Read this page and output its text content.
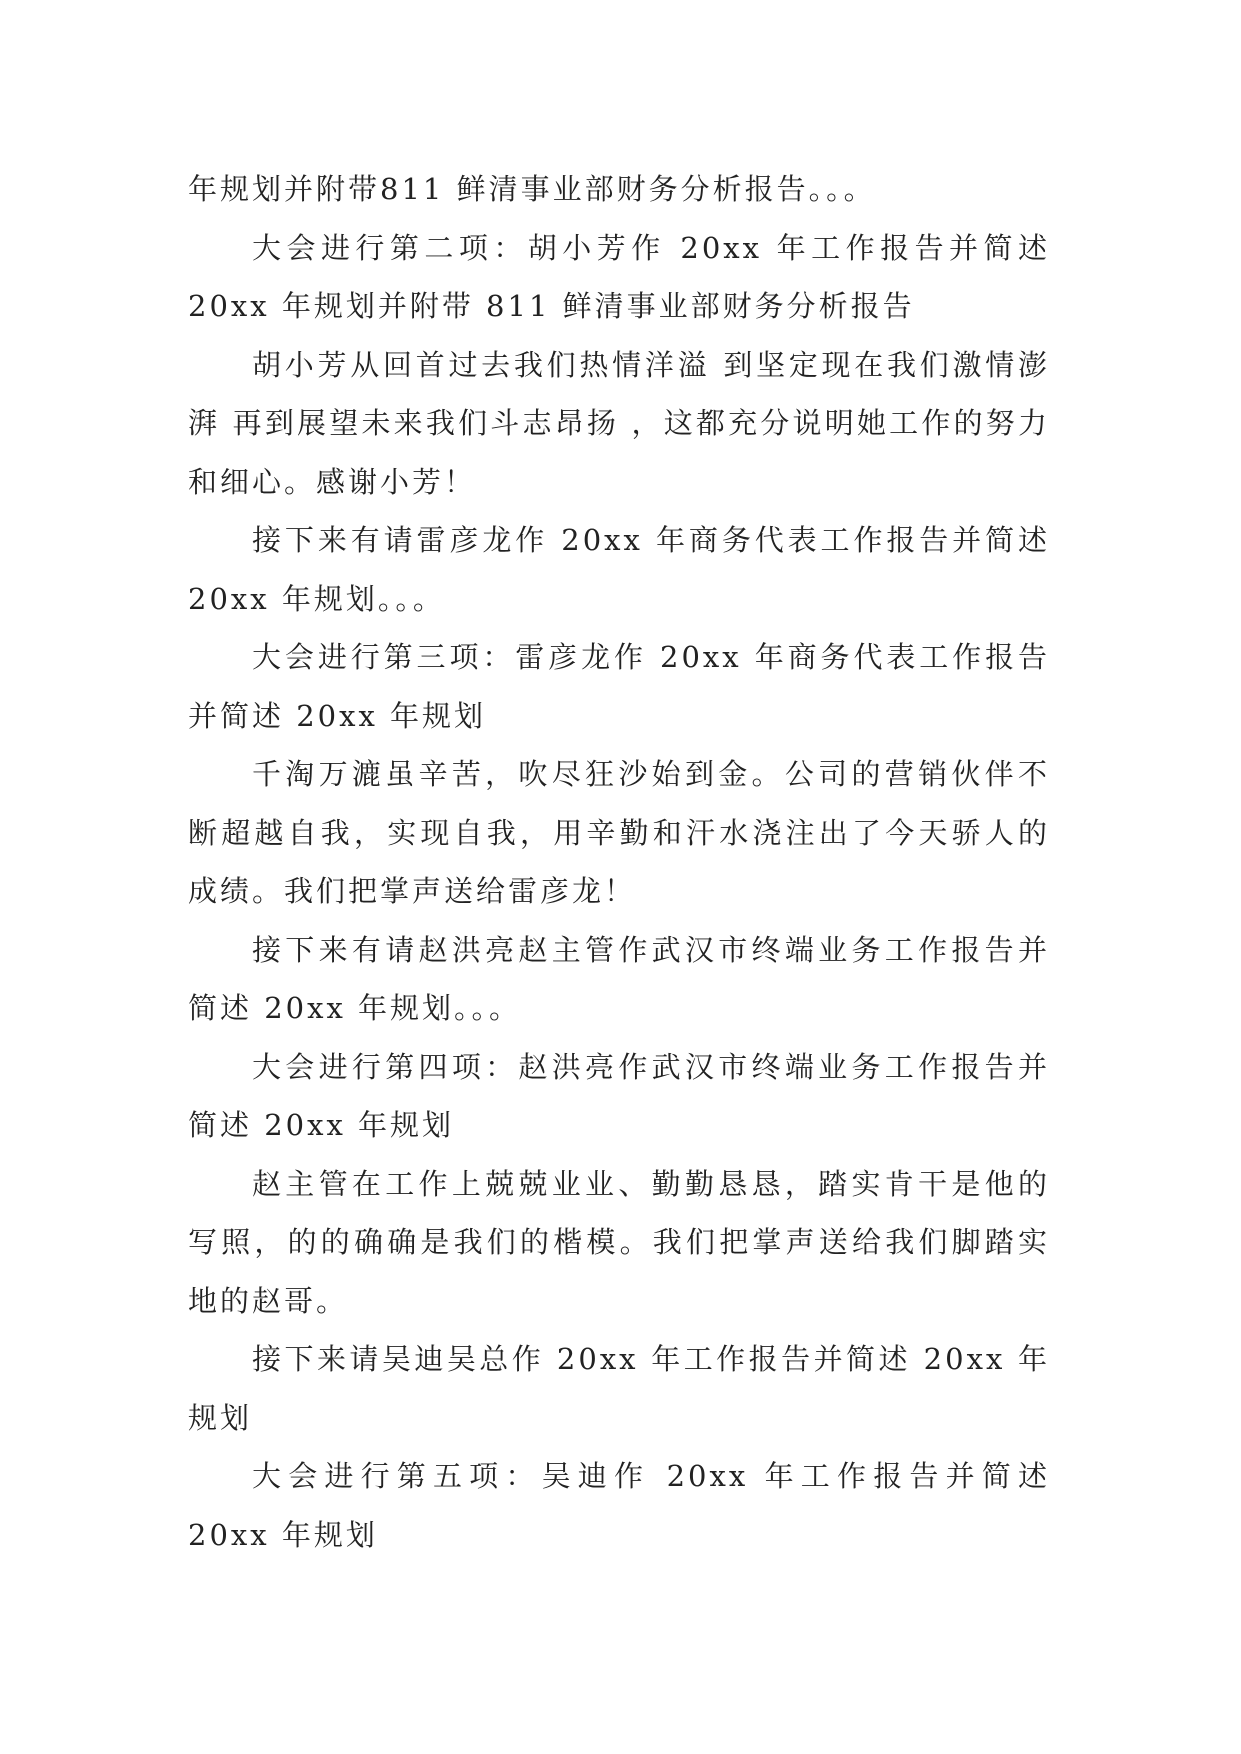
年规划并附带811 鲜清事业部财务分析报告。。。

大会进行第二项：胡小芳作 20xx 年工作报告并简述 20xx 年规划并附带 811 鲜清事业部财务分析报告

胡小芳从回首过去我们热情洋溢 到坚定现在我们激情澎湃 再到展望未来我们斗志昂扬 ，这都充分说明她工作的努力和细心。感谢小芳！

接下来有请雷彦龙作 20xx 年商务代表工作报告并简述 20xx 年规划。。。

大会进行第三项：雷彦龙作 20xx 年商务代表工作报告并简述 20xx 年规划

千淘万漉虽辛苦，吹尽狂沙始到金。公司的营销伙伴不断超越自我，实现自我，用辛勤和汗水浇注出了今天骄人的成绩。我们把掌声送给雷彦龙！

接下来有请赵洪亮赵主管作武汉市终端业务工作报告并简述 20xx 年规划。。。

大会进行第四项：赵洪亮作武汉市终端业务工作报告并简述 20xx 年规划

赵主管在工作上兢兢业业、勤勤恳恳，踏实肯干是他的写照，的的确确是我们的楷模。我们把掌声送给我们脚踏实地的赵哥。

接下来请吴迪吴总作 20xx 年工作报告并简述 20xx 年规划

大会进行第五项：吴迪作 20xx 年工作报告并简述 20xx 年规划
